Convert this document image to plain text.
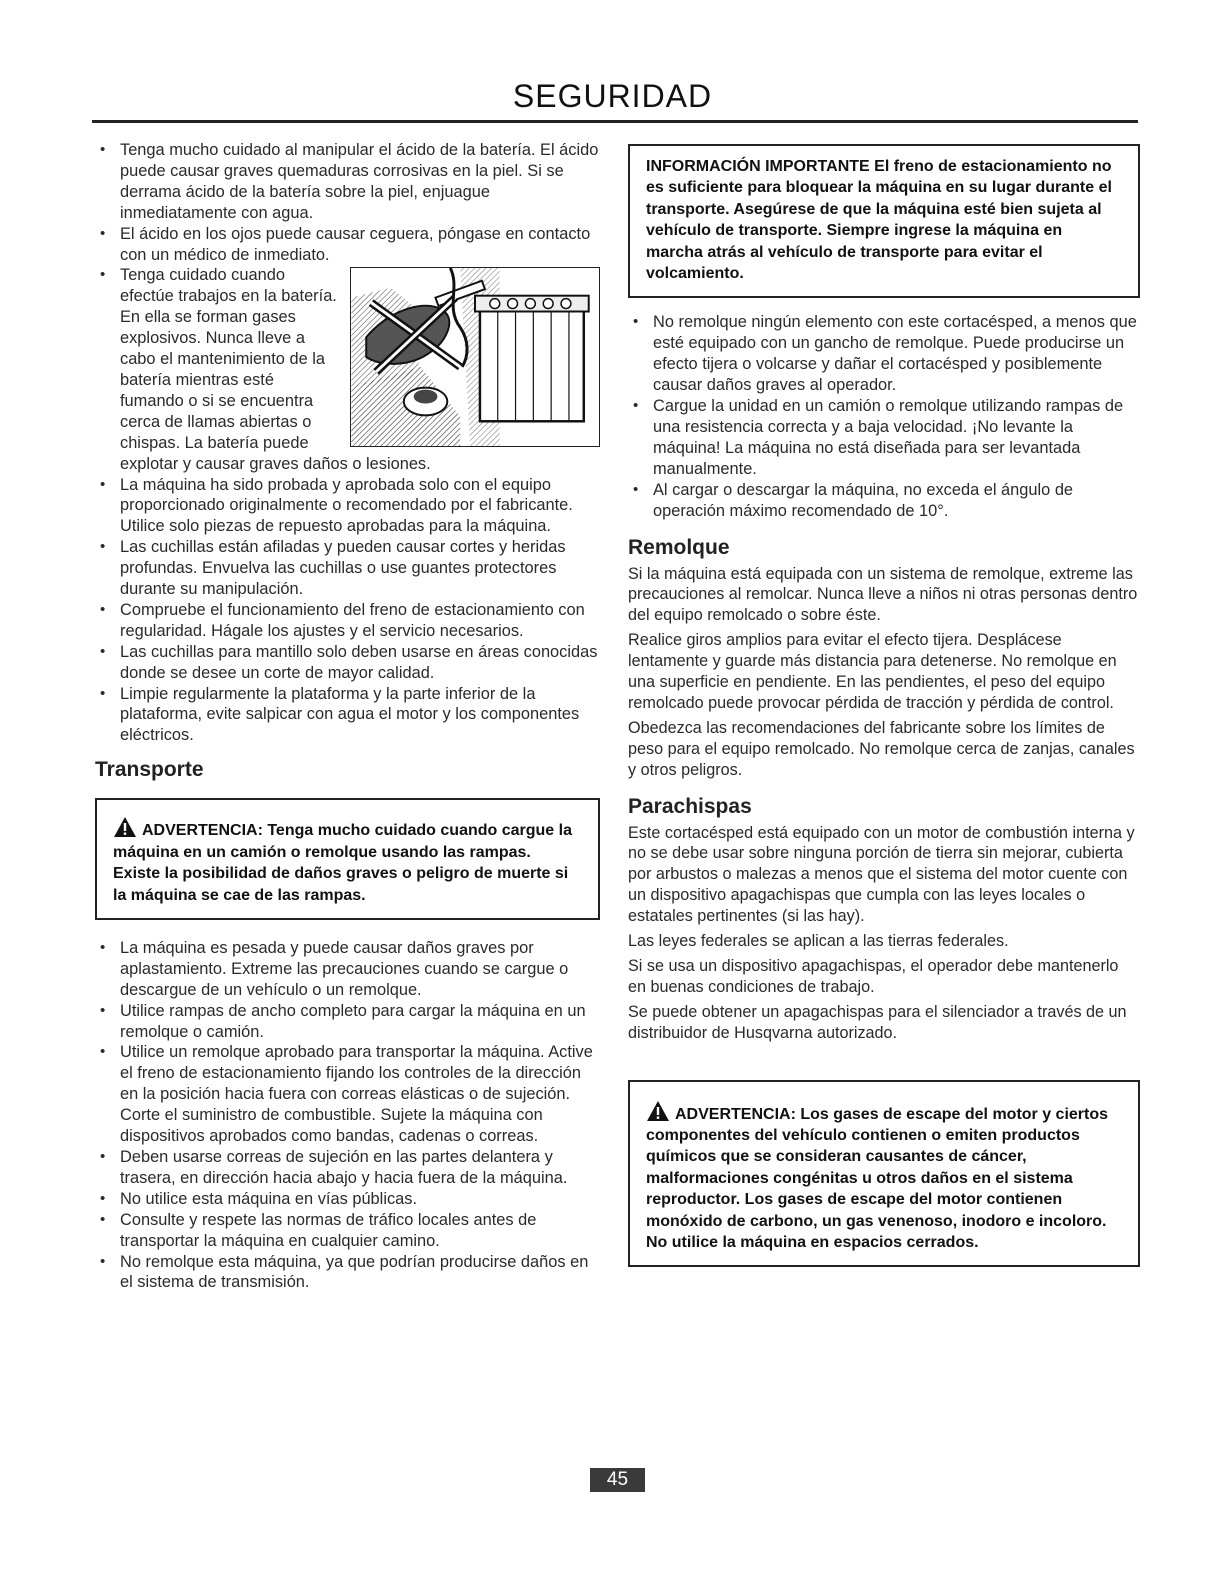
SEGURIDAD
• Tenga mucho cuidado al manipular el ácido de la batería. El ácido puede causar graves quemaduras corrosivas en la piel. Si se derrama ácido de la batería sobre la piel, enjuague inmediatamente con agua.
• El ácido en los ojos puede causar ceguera, póngase en contacto con un médico de inmediato.
• Tenga cuidado cuando efectúe trabajos en la batería. En ella se forman gases explosivos. Nunca lleve a cabo el mantenimiento de la batería mientras esté fumando o si se encuentra cerca de llamas abiertas o chispas. La batería puede explotar y causar graves daños o lesiones.
• La máquina ha sido probada y aprobada solo con el equipo proporcionado originalmente o recomendado por el fabricante. Utilice solo piezas de repuesto aprobadas para la máquina.
• Las cuchillas están afiladas y pueden causar cortes y heridas profundas. Envuelva las cuchillas o use guantes protectores durante su manipulación.
• Compruebe el funcionamiento del freno de estacionamiento con regularidad. Hágale los ajustes y el servicio necesarios.
• Las cuchillas para mantillo solo deben usarse en áreas conocidas donde se desee un corte de mayor calidad.
• Limpie regularmente la plataforma y la parte inferior de la plataforma, evite salpicar con agua el motor y los componentes eléctricos.
Transporte
ADVERTENCIA: Tenga mucho cuidado cuando cargue la máquina en un camión o remolque usando las rampas. Existe la posibilidad de daños graves o peligro de muerte si la máquina se cae de las rampas.
• La máquina es pesada y puede causar daños graves por aplastamiento. Extreme las precauciones cuando se cargue o descargue de un vehículo o un remolque.
• Utilice rampas de ancho completo para cargar la máquina en un remolque o camión.
• Utilice un remolque aprobado para transportar la máquina. Active el freno de estacionamiento fijando los controles de la dirección en la posición hacia fuera con correas elásticas o de sujeción. Corte el suministro de combustible. Sujete la máquina con dispositivos aprobados como bandas, cadenas o correas.
• Deben usarse correas de sujeción en las partes delantera y trasera, en dirección hacia abajo y hacia fuera de la máquina.
• No utilice esta máquina en vías públicas.
• Consulte y respete las normas de tráfico locales antes de transportar la máquina en cualquier camino.
• No remolque esta máquina, ya que podrían producirse daños en el sistema de transmisión.
INFORMACIÓN IMPORTANTE El freno de estacionamiento no es suficiente para bloquear la máquina en su lugar durante el transporte. Asegúrese de que la máquina esté bien sujeta al vehículo de transporte. Siempre ingrese la máquina en marcha atrás al vehículo de transporte para evitar el volcamiento.
• No remolque ningún elemento con este cortacésped, a menos que esté equipado con un gancho de remolque. Puede producirse un efecto tijera o volcarse y dañar el cortacésped y posiblemente causar daños graves al operador.
• Cargue la unidad en un camión o remolque utilizando rampas de una resistencia correcta y a baja velocidad. ¡No levante la máquina! La máquina no está diseñada para ser levantada manualmente.
• Al cargar o descargar la máquina, no exceda el ángulo de operación máximo recomendado de 10°.
Remolque

Si la máquina está equipada con un sistema de remolque, extreme las precauciones al remolcar. Nunca lleve a niños ni otras personas dentro del equipo remolcado o sobre éste.

Realice giros amplios para evitar el efecto tijera. Desplácese lentamente y guarde más distancia para detenerse. No remolque en una superficie en pendiente. En las pendientes, el peso del equipo remolcado puede provocar pérdida de tracción y pérdida de control.

Obedezca las recomendaciones del fabricante sobre los límites de peso para el equipo remolcado. No remolque cerca de zanjas, canales y otros peligros.

Parachispas

Este cortacésped está equipado con un motor de combustión interna y no se debe usar sobre ninguna porción de tierra sin mejorar, cubierta por arbustos o malezas a menos que el sistema del motor cuente con un dispositivo apagachispas que cumpla con las leyes locales o estatales pertinentes (si las hay).

Las leyes federales se aplican a las tierras federales.

Si se usa un dispositivo apagachispas, el operador debe mantenerlo en buenas condiciones de trabajo.

Se puede obtener un apagachispas para el silenciador a través de un distribuidor de Husqvarna autorizado.

ADVERTENCIA: Los gases de escape del motor y ciertos componentes del vehículo contienen o emiten productos químicos que se consideran causantes de cáncer, malformaciones congénitas u otros daños en el sistema reproductor. Los gases de escape del motor contienen monóxido de carbono, un gas venenoso, inodoro e incoloro. No utilice la máquina en espacios cerrados.
45
